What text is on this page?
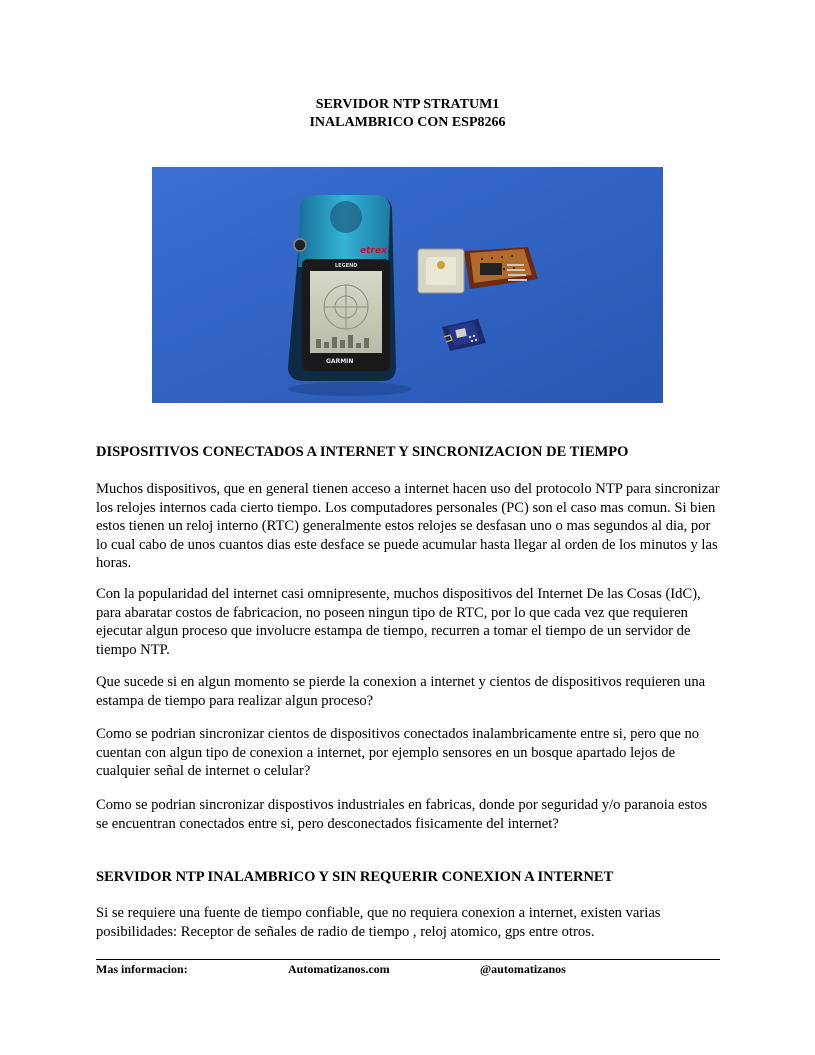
SERVIDOR NTP STRATUM1
INALAMBRICO CON ESP8266
etrex
LEGEND
GARMIN
DISPOSITIVOS CONECTADOS A INTERNET Y SINCRONIZACION DE TIEMPO

Muchos dispositivos, que en general tienen acceso a internet hacen uso del protocolo NTP para sincronizar los relojes internos cada cierto tiempo. Los computadores personales (PC) son el caso mas comun. Si bien estos tienen un reloj interno (RTC) generalmente estos relojes se desfasan uno o mas segundos al dia, por lo cual cabo de unos cuantos dias este desface se puede acumular hasta llegar al orden de los minutos y las horas.

Con la popularidad del internet casi omnipresente, muchos dispositivos del Internet De las Cosas (IdC), para abaratar costos de fabricacion, no poseen ningun tipo de RTC, por lo que cada vez que requieren ejecutar algun proceso que involucre estampa de tiempo, recurren a tomar el tiempo de un servidor de tiempo NTP.

Que sucede si en algun momento se pierde la conexion a internet y cientos de dispositivos requieren una estampa de tiempo para realizar algun proceso?

Como se podrian sincronizar cientos de dispositivos conectados inalambricamente entre si, pero que no cuentan con algun tipo de conexion a internet, por ejemplo sensores en un bosque apartado lejos de cualquier señal de internet o celular?

Como se podrian sincronizar dispostivos industriales en fabricas, donde por seguridad y/o paranoia estos se encuentran conectados entre si, pero desconectados fisicamente del internet?

SERVIDOR NTP INALAMBRICO Y SIN REQUERIR CONEXION A INTERNET

Si se requiere una fuente de tiempo confiable, que no requiera conexion a internet, existen varias posibilidades: Receptor de señales de radio de tiempo , reloj atomico, gps entre otros.

Mas informacion:	Automatizanos.com	@automatizanos
